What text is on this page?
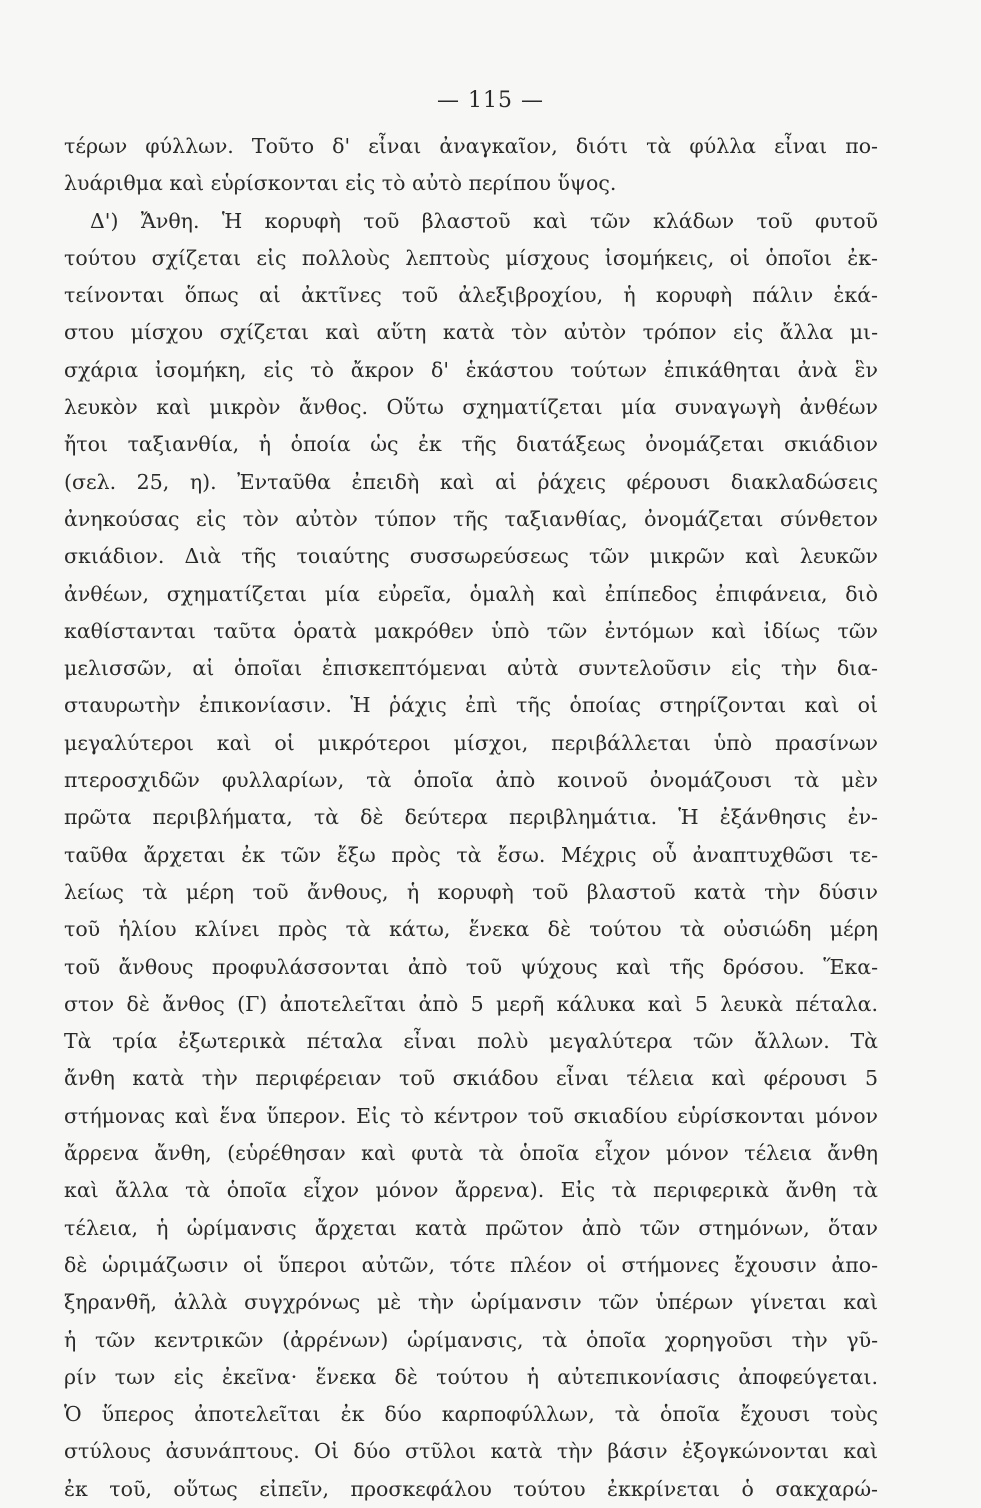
— 115 —
τέρων φύλλων. Τοῦτο δ' εἶναι ἀναγκαῖον, διότι τὰ φύλλα εἶναι πο-
λυάριθμα καὶ εὑρίσκονται εἰς τὸ αὐτὸ περίπου ὕψος.
Δ') Ἄνθη. Ἡ κορυφὴ τοῦ βλαστοῦ καὶ τῶν κλάδων τοῦ φυτοῦ
τούτου σχίζεται εἰς πολλοὺς λεπτοὺς μίσχους ἰσομήκεις, οἱ ὁποῖοι ἐκ-
τείνονται ὅπως αἱ ἀκτῖνες τοῦ ἀλεξιβροχίου, ἡ κορυφὴ πάλιν ἑκά-
στου μίσχου σχίζεται καὶ αὕτη κατὰ τὸν αὐτὸν τρόπον εἰς ἄλλα μι-
σχάρια ἰσομήκη, εἰς τὸ ἄκρον δ' ἑκάστου τούτων ἐπικάθηται ἀνὰ ἓν
λευκὸν καὶ μικρὸν ἄνθος. Οὕτω σχηματίζεται μία συναγωγὴ ἀνθέων
ἤτοι ταξιανθία, ἡ ὁποία ὡς ἐκ τῆς διατάξεως ὀνομάζεται σκιάδιον
(σελ. 25, η). Ἐνταῦθα ἐπειδὴ καὶ αἱ ῥάχεις φέρουσι διακλαδώσεις
ἀνηκούσας εἰς τὸν αὐτὸν τύπον τῆς ταξιανθίας, ὀνομάζεται σύνθετον
σκιάδιον. Διὰ τῆς τοιαύτης συσσωρεύσεως τῶν μικρῶν καὶ λευκῶν
ἀνθέων, σχηματίζεται μία εὐρεῖα, ὁμαλὴ καὶ ἐπίπεδος ἐπιφάνεια, διὸ
καθίστανται ταῦτα ὁρατὰ μακρόθεν ὑπὸ τῶν ἐντόμων καὶ ἰδίως τῶν
μελισσῶν, αἱ ὁποῖαι ἐπισκεπτόμεναι αὐτὰ συντελοῦσιν εἰς τὴν δια-
σταυρωτὴν ἐπικονίασιν. Ἡ ῥάχις ἐπὶ τῆς ὁποίας στηρίζονται καὶ οἱ
μεγαλύτεροι καὶ οἱ μικρότεροι μίσχοι, περιβάλλεται ὑπὸ πρασίνων
πτεροσχιδῶν φυλλαρίων, τὰ ὁποῖα ἀπὸ κοινοῦ ὀνομάζουσι τὰ μὲν
πρῶτα περιβλήματα, τὰ δὲ δεύτερα περιβλημάτια. Ἡ ἐξάνθησις ἐν-
ταῦθα ἄρχεται ἐκ τῶν ἔξω πρὸς τὰ ἔσω. Μέχρις οὗ ἀναπτυχθῶσι τε-
λείως τὰ μέρη τοῦ ἄνθους, ἡ κορυφὴ τοῦ βλαστοῦ κατὰ τὴν δύσιν
τοῦ ἡλίου κλίνει πρὸς τὰ κάτω, ἕνεκα δὲ τούτου τὰ οὐσιώδη μέρη
τοῦ ἄνθους προφυλάσσονται ἀπὸ τοῦ ψύχους καὶ τῆς δρόσου. Ἕκα-
στον δὲ ἄνθος (Γ) ἀποτελεῖται ἀπὸ 5 μερῆ κάλυκα καὶ 5 λευκὰ πέταλα.
Τὰ τρία ἐξωτερικὰ πέταλα εἶναι πολὺ μεγαλύτερα τῶν ἄλλων. Τὰ
ἄνθη κατὰ τὴν περιφέρειαν τοῦ σκιάδου εἶναι τέλεια καὶ φέρουσι 5
στήμονας καὶ ἕνα ὕπερον. Εἰς τὸ κέντρον τοῦ σκιαδίου εὑρίσκονται μόνον
ἄρρενα ἄνθη, (εὑρέθησαν καὶ φυτὰ τὰ ὁποῖα εἶχον μόνον τέλεια ἄνθη
καὶ ἄλλα τὰ ὁποῖα εἶχον μόνον ἄρρενα). Εἰς τὰ περιφερικὰ ἄνθη τὰ
τέλεια, ἡ ὡρίμανσις ἄρχεται κατὰ πρῶτον ἀπὸ τῶν στημόνων, ὅταν
δὲ ὡριμάζωσιν οἱ ὕπεροι αὐτῶν, τότε πλέον οἱ στήμονες ἔχουσιν ἀπο-
ξηρανθῆ, ἀλλὰ συγχρόνως μὲ τὴν ὡρίμανσιν τῶν ὑπέρων γίνεται καὶ
ἡ τῶν κεντρικῶν (ἀρρένων) ὡρίμανσις, τὰ ὁποῖα χορηγοῦσι τὴν γῦ-
ρίν των εἰς ἐκεῖνα· ἕνεκα δὲ τούτου ἡ αὐτεπικονίασις ἀποφεύγεται.
Ὁ ὕπερος ἀποτελεῖται ἐκ δύο καρποφύλλων, τὰ ὁποῖα ἔχουσι τοὺς
στύλους ἀσυνάπτους. Οἱ δύο στῦλοι κατὰ τὴν βάσιν ἐξογκώνονται καὶ
ἐκ τοῦ, οὕτως εἰπεῖν, προσκεφάλου τούτου ἐκκρίνεται ὁ σακχαρώ-
